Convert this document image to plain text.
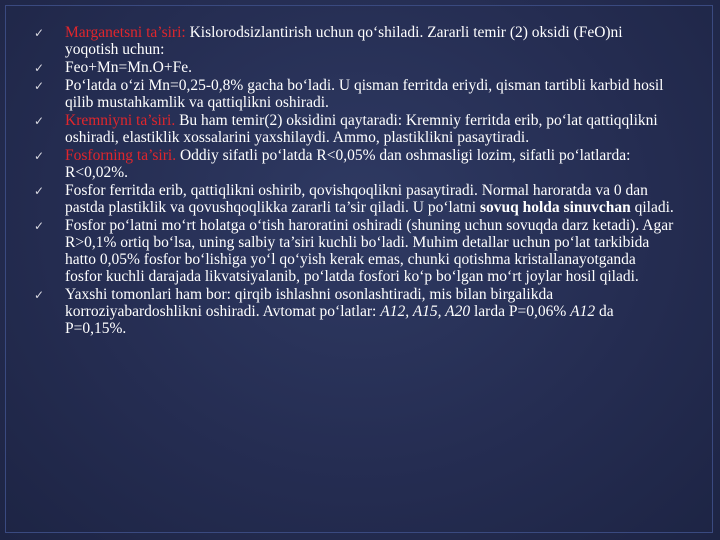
✓ Marganetsni ta’siri: Kislorodsizlantirish uchun qo‘shiladi. Zararli temir (2) oksidi (FeO)ni yoqotish uchun:
✓ Feo+Mn=Mn.O+Fe.
✓ Po‘latda o‘zi Mn=0,25-0,8% gacha bo‘ladi. U qisman ferritda eriydi, qisman tartibli karbid hosil qilib mustahkamlik va qattiqlikni oshiradi.
✓ Kremniyni ta’siri. Bu ham temir(2) oksidini qaytaradi: Kremniy ferritda erib, po‘lat qattiqqlikni oshiradi, elastiklik xossalarini yaxshilaydi. Ammo, plastiklikni pasaytiradi.
✓ Fosforning ta’siri. Oddiy sifatli po‘latda R<0,05% dan oshmasligi lozim, sifatli po‘latlarda: R<0,02%.
✓ Fosfor ferritda erib, qattiqlikni oshirib, qovishqoqlikni pasaytiradi. Normal haroratda va 0 dan pastda plastiklik va qovushqoqlikka zararli ta’sir qiladi. U po‘latni sovuq holda sinuvchan qiladi.
✓ Fosfor po‘latni mo‘rt holatga o‘tish haroratini oshiradi (shuning uchun sovuqda darz ketadi). Agar R>0,1% ortiq bo‘lsa, uning salbiy ta’siri kuchli bo‘ladi. Muhim detallar uchun po‘lat tarkibida hatto 0,05% fosfor bo‘lishiga yo‘l qo‘yish kerak emas, chunki qotishma kristallanayotganda fosfor kuchli darajada likvatsiyalanib, po‘latda fosfori ko‘p bo‘lgan mo‘rt joylar hosil qiladi.
✓ Yaxshi tomonlari ham bor: qirqib ishlashni osonlashtiradi, mis bilan birgalikda korroziyabardoshlikni oshiradi. Avtomat po‘latlar: A12, A15, A20 larda P=0,06% A12 da P=0,15%.
